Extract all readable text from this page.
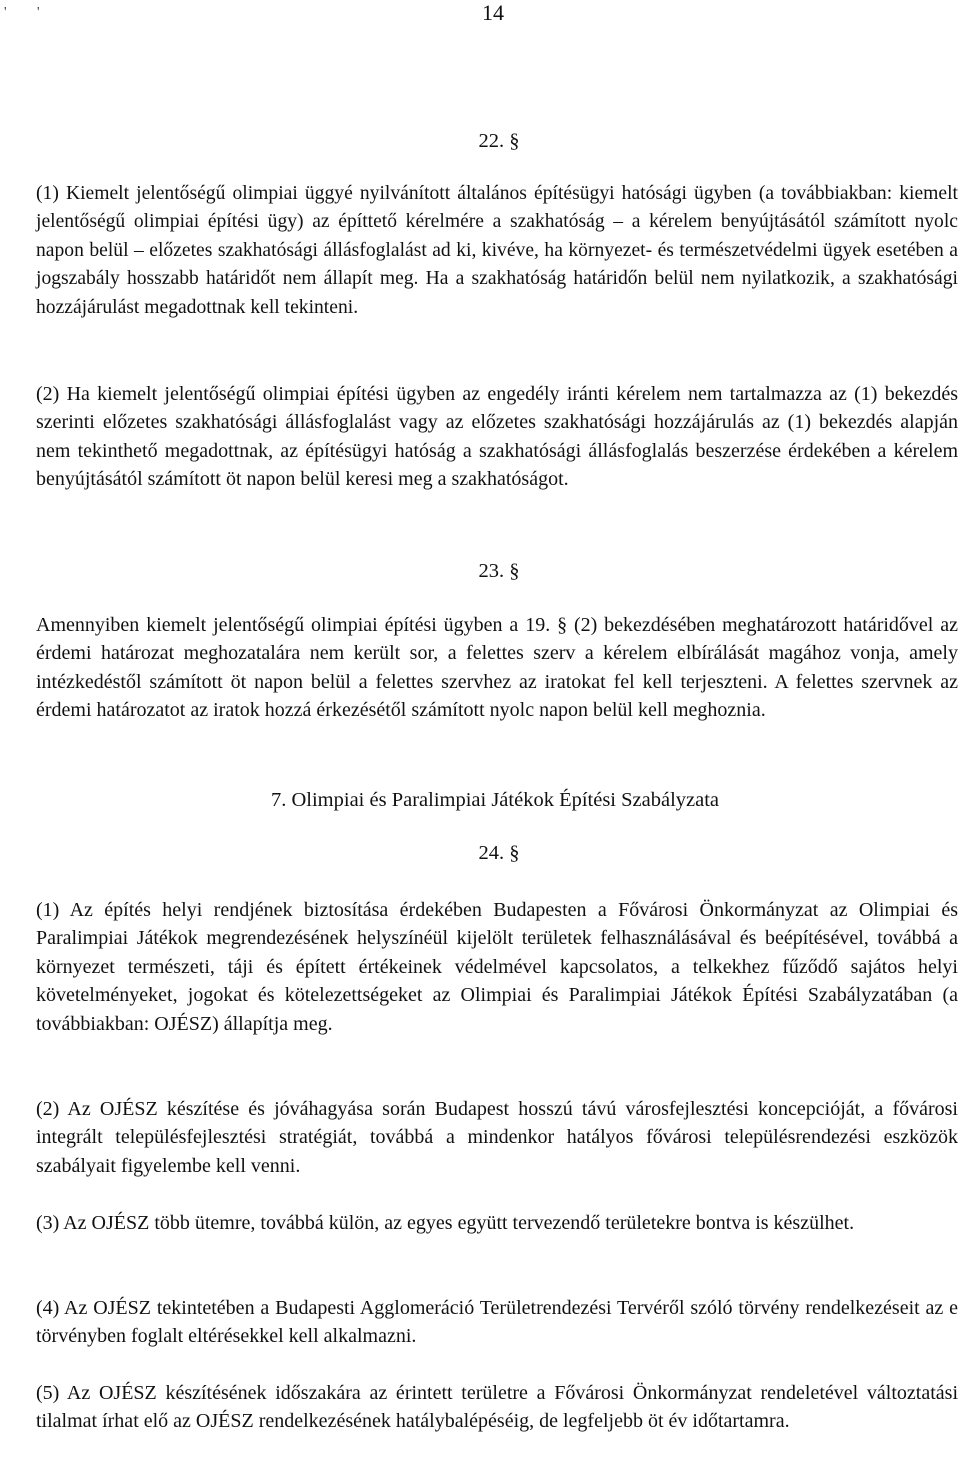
' '	14
22. §

(1) Kiemelt jelentőségű olimpiai üggyé nyilvánított általános építésügyi hatósági ügyben (a továbbiakban: kiemelt jelentőségű olimpiai építési ügy) az építtető kérelmére a szakhatóság – a kérelem benyújtásától számított nyolc napon belül – előzetes szakhatósági állásfoglalást ad ki, kivéve, ha környezet- és természetvédelmi ügyek esetében a jogszabály hosszabb határidőt nem állapít meg. Ha a szakhatóság határidőn belül nem nyilatkozik, a szakhatósági hozzájárulást megadottnak kell tekinteni.

(2) Ha kiemelt jelentőségű olimpiai építési ügyben az engedély iránti kérelem nem tartalmazza az (1) bekezdés szerinti előzetes szakhatósági állásfoglalást vagy az előzetes szakhatósági hozzájárulás az (1) bekezdés alapján nem tekinthető megadottnak, az építésügyi hatóság a szakhatósági állásfoglalás beszerzése érdekében a kérelem benyújtásától számított öt napon belül keresi meg a szakhatóságot.

23. §

Amennyiben kiemelt jelentőségű olimpiai építési ügyben a 19. § (2) bekezdésében meghatározott határidővel az érdemi határozat meghozatalára nem került sor, a felettes szerv a kérelem elbírálását magához vonja, amely intézkedéstől számított öt napon belül a felettes szervhez az iratokat fel kell terjeszteni. A felettes szervnek az érdemi határozatot az iratok hozzá érkezésétől számított nyolc napon belül kell meghoznia.

7. Olimpiai és Paralimpiai Játékok Építési Szabályzata
24. §

(1) Az építés helyi rendjének biztosítása érdekében Budapesten a Fővárosi Önkormányzat az Olimpiai és Paralimpiai Játékok megrendezésének helyszínéül kijelölt területek felhasználásával és beépítésével, továbbá a környezet természeti, táji és épített értékeinek védelmével kapcsolatos, a telkekhez fűződő sajátos helyi követelményeket, jogokat és kötelezettségeket az Olimpiai és Paralimpiai Játékok Építési Szabályzatában (a továbbiakban: OJÉSZ) állapítja meg.

(2) Az OJÉSZ készítése és jóváhagyása során Budapest hosszú távú városfejlesztési koncepcióját, a fővárosi integrált településfejlesztési stratégiát, továbbá a mindenkor hatályos fővárosi településrendezési eszközök szabályait figyelembe kell venni.

(3) Az OJÉSZ több ütemre, továbbá külön, az egyes együtt tervezendő területekre bontva is készülhet.

(4) Az OJÉSZ tekintetében a Budapesti Agglomeráció Területrendezési Tervéről szóló törvény rendelkezéseit az e törvényben foglalt eltérésekkel kell alkalmazni.

(5) Az OJÉSZ készítésének időszakára az érintett területre a Fővárosi Önkormányzat rendeletével változtatási tilalmat írhat elő az OJÉSZ rendelkezésének hatálybalépéséig, de legfeljebb öt év időtartamra.
